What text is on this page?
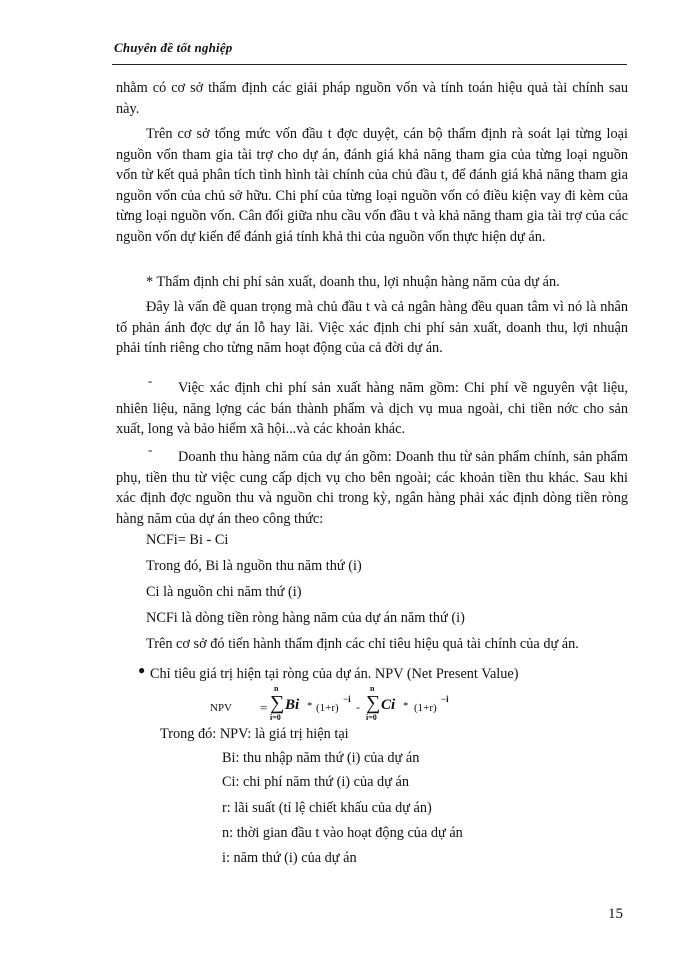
Chuyên đề tốt nghiệp
nhằm có cơ sở thẩm định các giải pháp nguồn vốn và tính toán hiệu quả tài chính sau này.
Trên cơ sở tổng mức vốn đầu t đợc duyệt, cán bộ thẩm định rà soát lại từng loại nguồn vốn tham gia tài trợ cho dự án, đánh giá khả năng tham gia của từng loại nguồn vốn từ kết quả phân tích tình hình tài chính của chủ đầu t, để đánh giá khả năng tham gia nguồn vốn của chủ sở hữu. Chi phí của từng loại nguồn vốn có điều kiện vay đi kèm của từng loại nguồn vốn. Cân đối giữa nhu cầu vốn đầu t và khả năng tham gia tài trợ của các nguồn vốn dự kiến để đánh giá tính khả thi của nguồn vốn thực hiện dự án.
* Thẩm định chi phí sản xuất, doanh thu, lợi nhuận hàng năm của dự án.
Đây là vấn đề quan trọng mà chủ đầu t và cả ngân hàng đều quan tâm vì nó là nhân tố phản ánh đợc dự án lỗ hay lãi. Việc xác định chi phí sản xuất, doanh thu, lợi nhuận phải tính riêng cho từng năm hoạt động của cả đời dự án.
-	Việc xác định chi phí sản xuất hàng năm gồm: Chi phí về nguyên vật liệu, nhiên liệu, năng lợng các bán thành phẩm và dịch vụ mua ngoài, chi tiền nớc cho sản xuất, long và bảo hiểm xã hội...và các khoản khác.
-	Doanh thu hàng năm của dự án gồm: Doanh thu từ sản phẩm chính, sản phẩm phụ, tiền thu từ việc cung cấp dịch vụ cho bên ngoài; các khoản tiền thu khác. Sau khi xác định đợc nguồn thu và nguồn chi trong kỳ, ngân hàng phải xác định dòng tiền ròng hàng năm của dự án theo công thức:
NCFi= Bi - Ci
Trong đó, Bi là nguồn thu năm thứ (i)
Ci là nguồn chi năm thứ (i)
NCFi là dòng tiền ròng hàng năm của dự án năm thứ (i)
Trên cơ sở đó tiến hành thẩm định các chỉ tiêu hiệu quả tài chính của dự án.
● Chỉ tiêu giá trị hiện tại ròng của dự án. NPV (Net Present Value)
NPV = ∑
n
i=0
Bi * (1+r)
−i
- ∑
n
i=0
Ci * (1+r)
−i
Trong đó: NPV: là giá trị hiện tại
Bi: thu nhập năm thứ (i) của dự án
Ci: chi phí năm thứ (i) của dự án
r: lãi suất (tỉ lệ chiết khấu của dự án)
n: thời gian đầu t vào hoạt động của dự án
i: năm thứ (i) của dự án
15
